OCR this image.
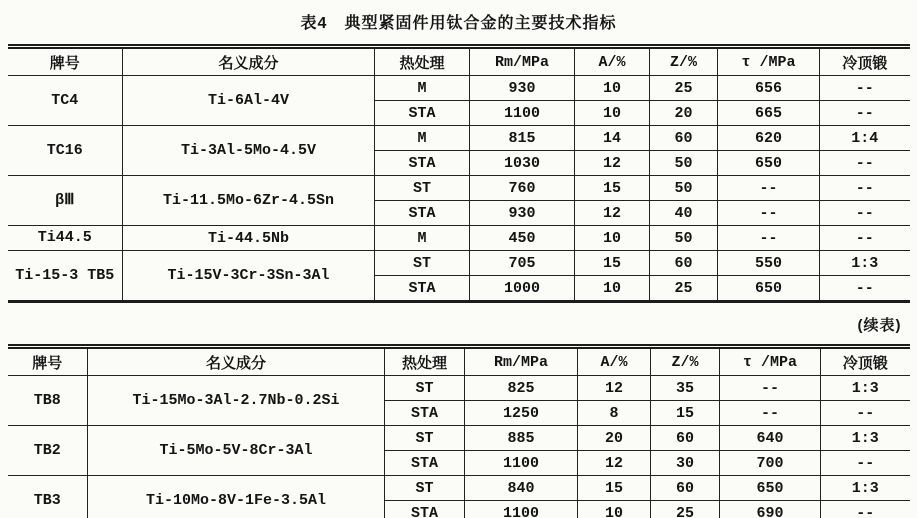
表4　典型紧固件用钛合金的主要技术指标
牌号	名义成分	热处理	Rm/MPa	A/%	Z/%	τ /MPa	冷顶锻
TC4	Ti-6Al-4V	M	930	10	25	656	--
		STA	1100	10	20	665	--
TC16	Ti-3Al-5Mo-4.5V	M	815	14	60	620	1:4
		STA	1030	12	50	650	--
βⅢ	Ti-11.5Mo-6Zr-4.5Sn	ST	760	15	50	--	--
		STA	930	12	40	--	--
Ti44.5	Ti-44.5Nb	M	450	10	50	--	--
Ti-15-3 TB5	Ti-15V-3Cr-3Sn-3Al	ST	705	15	60	550	1:3
		STA	1000	10	25	650	--
(续表)
牌号	名义成分	热处理	Rm/MPa	A/%	Z/%	τ /MPa	冷顶锻
TB8	Ti-15Mo-3Al-2.7Nb-0.2Si	ST	825	12	35	--	1:3
		STA	1250	8	15	--	--
TB2	Ti-5Mo-5V-8Cr-3Al	ST	885	20	60	640	1:3
		STA	1100	12	30	700	--
TB3	Ti-10Mo-8V-1Fe-3.5Al	ST	840	15	60	650	1:3
		STA	1100	10	25	690	--
